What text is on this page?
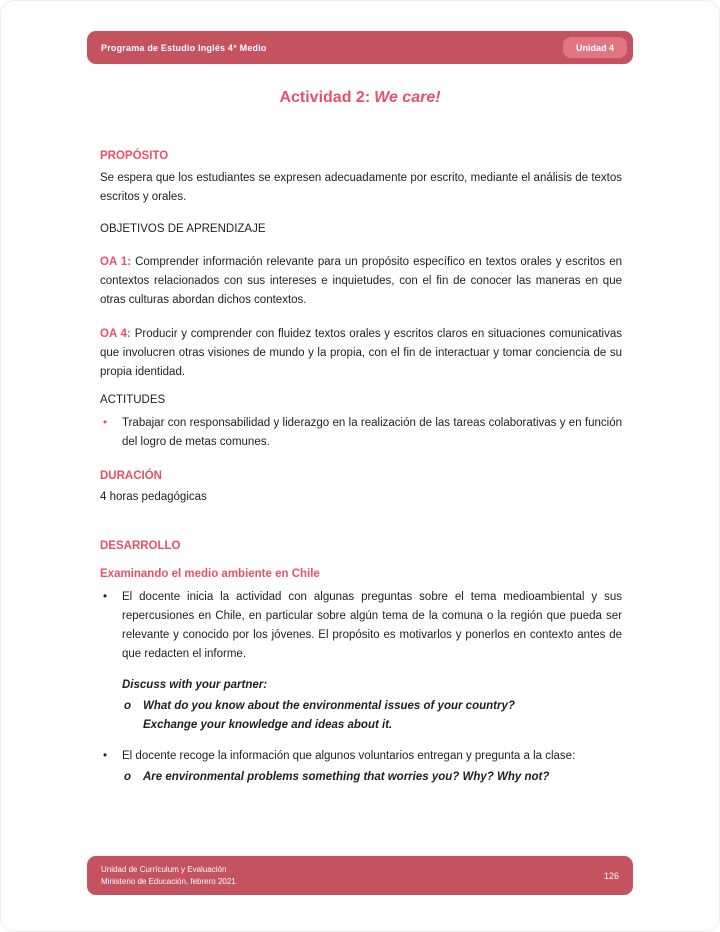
Programa de Estudio Inglés 4° Medio	Unidad 4
Actividad 2: We care!
PROPÓSITO

Se espera que los estudiantes se expresen adecuadamente por escrito, mediante el análisis de textos escritos y orales.

OBJETIVOS DE APRENDIZAJE

OA 1: Comprender información relevante para un propósito específico en textos orales y escritos en contextos relacionados con sus intereses e inquietudes, con el fin de conocer las maneras en que otras culturas abordan dichos contextos.

OA 4: Producir y comprender con fluidez textos orales y escritos claros en situaciones comunicativas que involucren otras visiones de mundo y la propia, con el fin de interactuar y tomar conciencia de su propia identidad.

ACTITUDES
•	Trabajar con responsabilidad y liderazgo en la realización de las tareas colaborativas y en función del logro de metas comunes.
DURACIÓN

4 horas pedagógicas

DESARROLLO
Examinando el medio ambiente en Chile
•	El docente inicia la actividad con algunas preguntas sobre el tema medioambiental y sus repercusiones en Chile, en particular sobre algún tema de la comuna o la región que pueda ser relevante y conocido por los jóvenes. El propósito es motivarlos y ponerlos en contexto antes de que redacten el informe.
Discuss with your partner:
o	What do you know about the environmental issues of your country?
Exchange your knowledge and ideas about it.
•	El docente recoge la información que algunos voluntarios entregan y pregunta a la clase:
o	Are environmental problems something that worries you? Why? Why not?
Unidad de Currículum y Evaluación
Ministerio de Educación, febrero 2021
126
